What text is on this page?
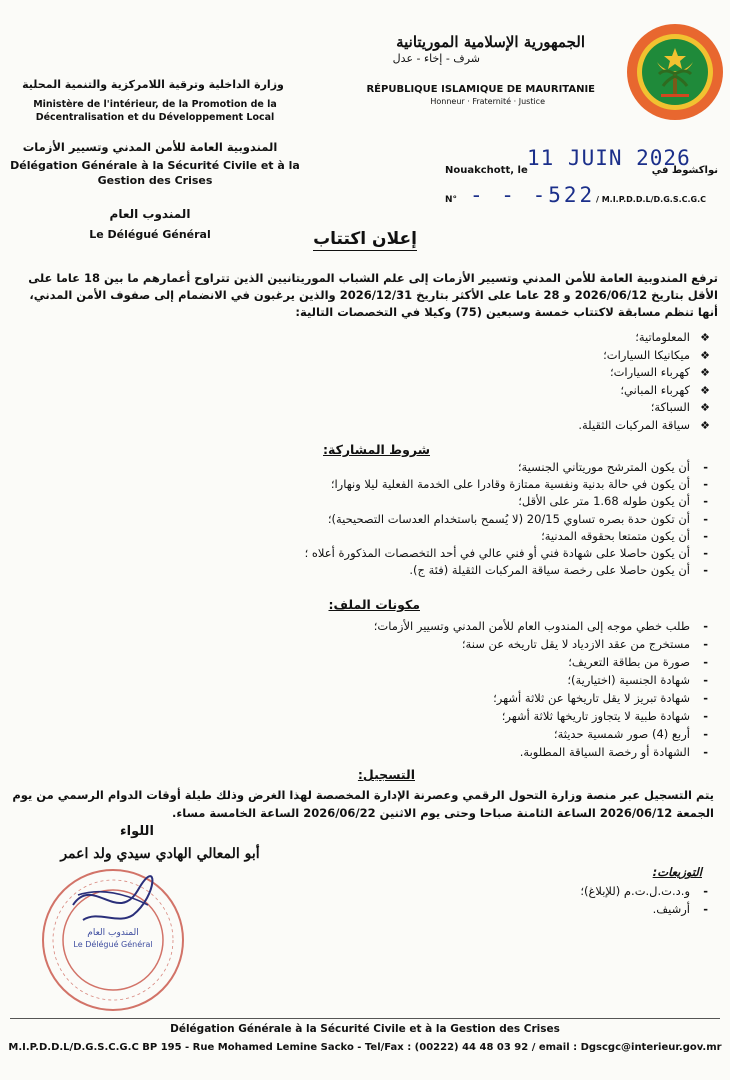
الجمهورية الإسلامية الموريتانية
شرف - إخاء - عدل
RÉPUBLIQUE ISLAMIQUE DE MAURITANIE
Honneur · Fraternité · Justice
وزارة الداخلية وترقية اللامركزية والتنمية المحلية
Ministère de l'intérieur, de la Promotion de la Décentralisation et du Développement Local
المندوبية العامة للأمن المدني وتسيير الأزمات
Délégation Générale à la Sécurité Civile et à la Gestion des Crises
المندوب العام
Le Délégué Général
Nouakchott, le
11 JUIN 2026
نواكشوط في
N° - - -522 / M.I.P.D.D.L/D.G.S.C.G.C
إعلان اكتتاب
ترفع المندوبية العامة للأمن المدني وتسيير الأزمات إلى علم الشباب الموريتانيين الذين تتراوح أعمارهم ما بين 18 عاما على الأقل بتاريخ 2026/06/12 و 28 عاما على الأكثر بتاريخ 2026/12/31 والذين يرغبون في الانضمام إلى صفوف الأمن المدني، أنها تنظم مسابقة لاكتتاب خمسة وسبعين (75) وكيلا في التخصصات التالية:
❖ المعلوماتية؛
❖ ميكانيكا السيارات؛
❖ كهرباء السيارات؛
❖ كهرباء المباني؛
❖ السباكة؛
❖ سياقة المركبات الثقيلة.
شروط المشاركة:
- أن يكون المترشح موريتاني الجنسية؛
- أن يكون في حالة بدنية ونفسية ممتازة وقادرا على الخدمة الفعلية ليلا ونهارا؛
- أن يكون طوله 1.68 متر على الأقل؛
- أن تكون حدة بصره تساوي 20/15 (لا يُسمح باستخدام العدسات التصحيحية)؛
- أن يكون متمتعا بحقوقه المدنية؛
- أن يكون حاصلا على شهادة فني أو فني عالي في أحد التخصصات المذكورة أعلاه ؛
- أن يكون حاصلا على رخصة سياقة المركبات الثقيلة (فئة ج).
مكونات الملف:
- طلب خطي موجه إلى المندوب العام للأمن المدني وتسيير الأزمات؛
- مستخرج من عقد الازدياد لا يقل تاريخه عن سنة؛
- صورة من بطاقة التعريف؛
- شهادة الجنسية (اختيارية)؛
- شهادة تبريز لا يقل تاريخها عن ثلاثة أشهر؛
- شهادة طبية لا يتجاوز تاريخها ثلاثة أشهر؛
- أربع (4) صور شمسية حديثة؛
- الشهادة أو رخصة السياقة المطلوبة.
التسجيل:
يتم التسجيل عبر منصة وزارة التحول الرقمي وعصرنة الإدارة المخصصة لهذا الغرض وذلك طيلة أوقات الدوام الرسمي من يوم الجمعة 2026/06/12 الساعة الثامنة صباحا وحتى يوم الاثنين 2026/06/22 الساعة الخامسة مساء.
اللواء
أبو المعالي الهادي سيدي ولد اعمر
المندوب العام
Le Délégué Général
التوزيعات:
- و.د.ت.ل.ت.م (للإبلاغ)؛
- أرشيف.
Délégation Générale à la Sécurité Civile et à la Gestion des Crises
M.I.P.D.D.L/D.G.S.C.G.C BP 195 - Rue Mohamed Lemine Sacko - Tel/Fax : (00222) 44 48 03 92 / email : Dgscgc@interieur.gov.mr
